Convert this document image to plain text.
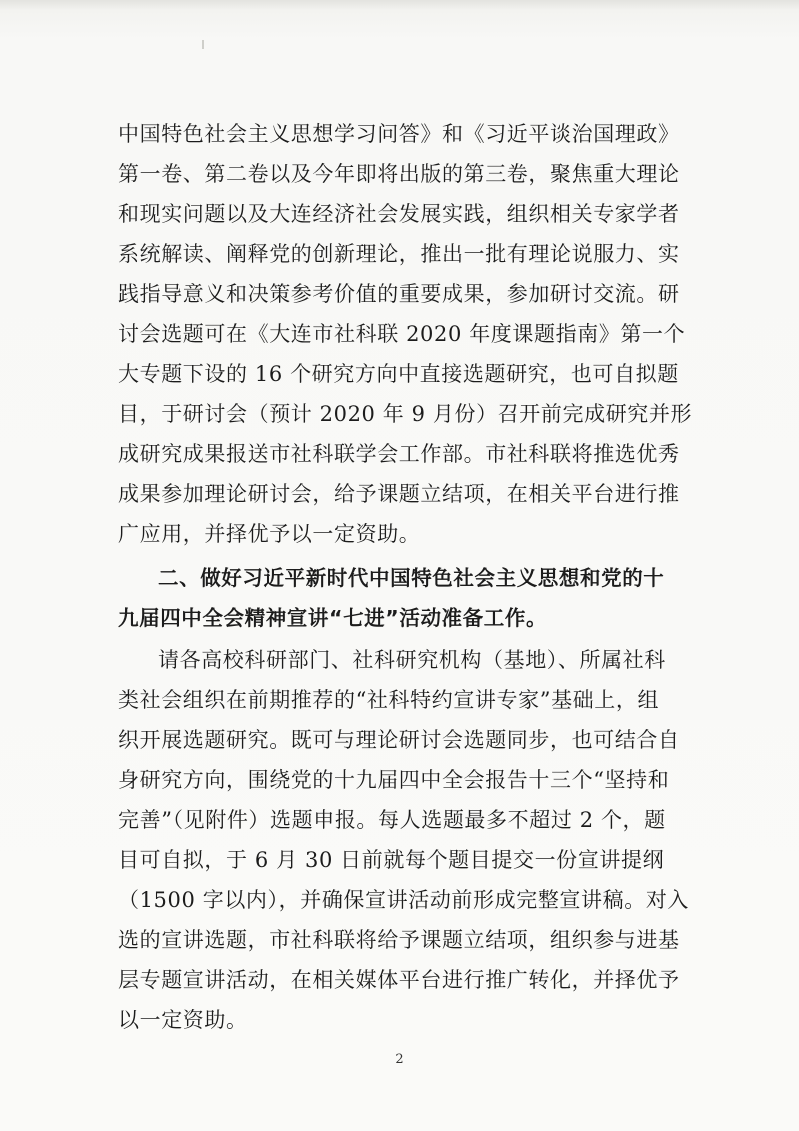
中国特色社会主义思想学习问答》和《习近平谈治国理政》
第一卷、第二卷以及今年即将出版的第三卷，聚焦重大理论
和现实问题以及大连经济社会发展实践，组织相关专家学者
系统解读、阐释党的创新理论，推出一批有理论说服力、实
践指导意义和决策参考价值的重要成果，参加研讨交流。研
讨会选题可在《大连市社科联 2020 年度课题指南》第一个
大专题下设的 16 个研究方向中直接选题研究，也可自拟题
目，于研讨会（预计 2020 年 9 月份）召开前完成研究并形
成研究成果报送市社科联学会工作部。市社科联将推选优秀
成果参加理论研讨会，给予课题立结项，在相关平台进行推
广应用，并择优予以一定资助。
二、做好习近平新时代中国特色社会主义思想和党的十
九届四中全会精神宣讲“七进”活动准备工作。
请各高校科研部门、社科研究机构（基地）、所属社科
类社会组织在前期推荐的“社科特约宣讲专家”基础上，组
织开展选题研究。既可与理论研讨会选题同步，也可结合自
身研究方向，围绕党的十九届四中全会报告十三个“坚持和
完善”（见附件）选题申报。每人选题最多不超过 2 个，题
目可自拟，于 6 月 30 日前就每个题目提交一份宣讲提纲
（1500 字以内），并确保宣讲活动前形成完整宣讲稿。对入
选的宣讲选题，市社科联将给予课题立结项，组织参与进基
层专题宣讲活动，在相关媒体平台进行推广转化，并择优予
以一定资助。
2
